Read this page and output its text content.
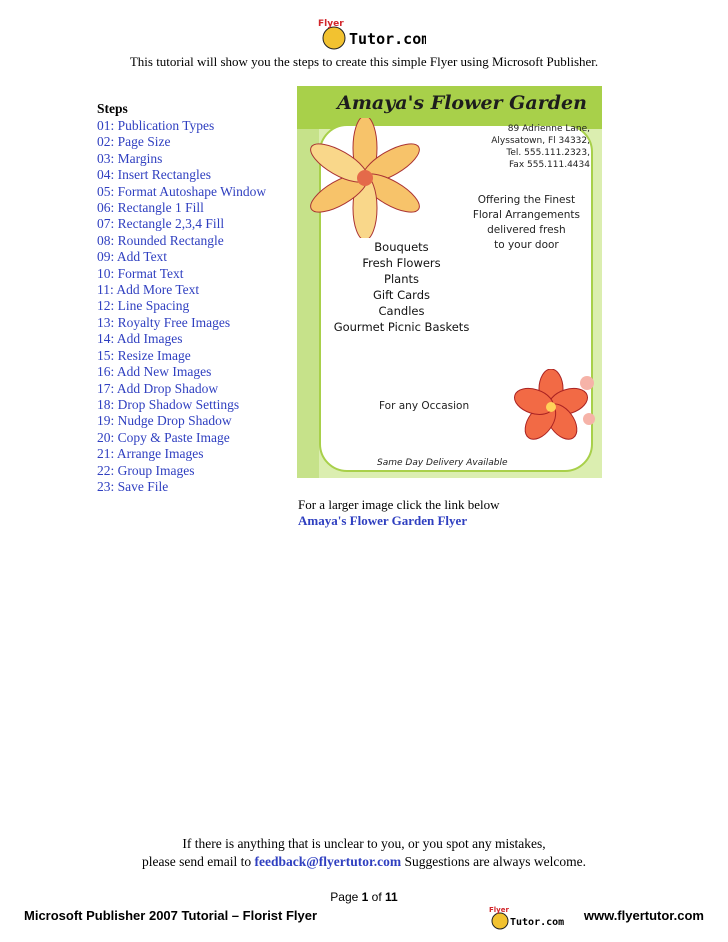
Flyer
Tutor.com
This tutorial will show you the steps to create this simple Flyer using Microsoft Publisher.
Steps
01: Publication Types
02: Page Size
03: Margins
04: Insert Rectangles
05: Format Autoshape Window
06: Rectangle 1 Fill
07: Rectangle 2,3,4 Fill
08: Rounded Rectangle
09: Add Text
10: Format Text
11: Add More Text
12: Line Spacing
13: Royalty Free Images
14: Add Images
15: Resize Image
16: Add New Images
17: Add Drop Shadow
18: Drop Shadow Settings
19: Nudge Drop Shadow
20: Copy & Paste Image
21: Arrange Images
22: Group Images
23: Save File
Amaya's Flower Garden
89 Adrienne Lane,
Alyssatown, Fl 34332,
Tel. 555.111.2323,
Fax 555.111.4434
Offering the Finest
Floral Arrangements
delivered fresh
to your door
Bouquets
Fresh Flowers
Plants
Gift Cards
Candles
Gourmet Picnic Baskets
For any Occasion
Same Day Delivery Available
For a larger image click the link below
Amaya's Flower Garden Flyer
If there is anything that is unclear to you, or you spot any mistakes,
please send email to feedback@flyertutor.com Suggestions are always welcome.
Page 1 of 11
Microsoft Publisher 2007 Tutorial – Florist Flyer	Flyer
Tutor.com www.flyertutor.com
